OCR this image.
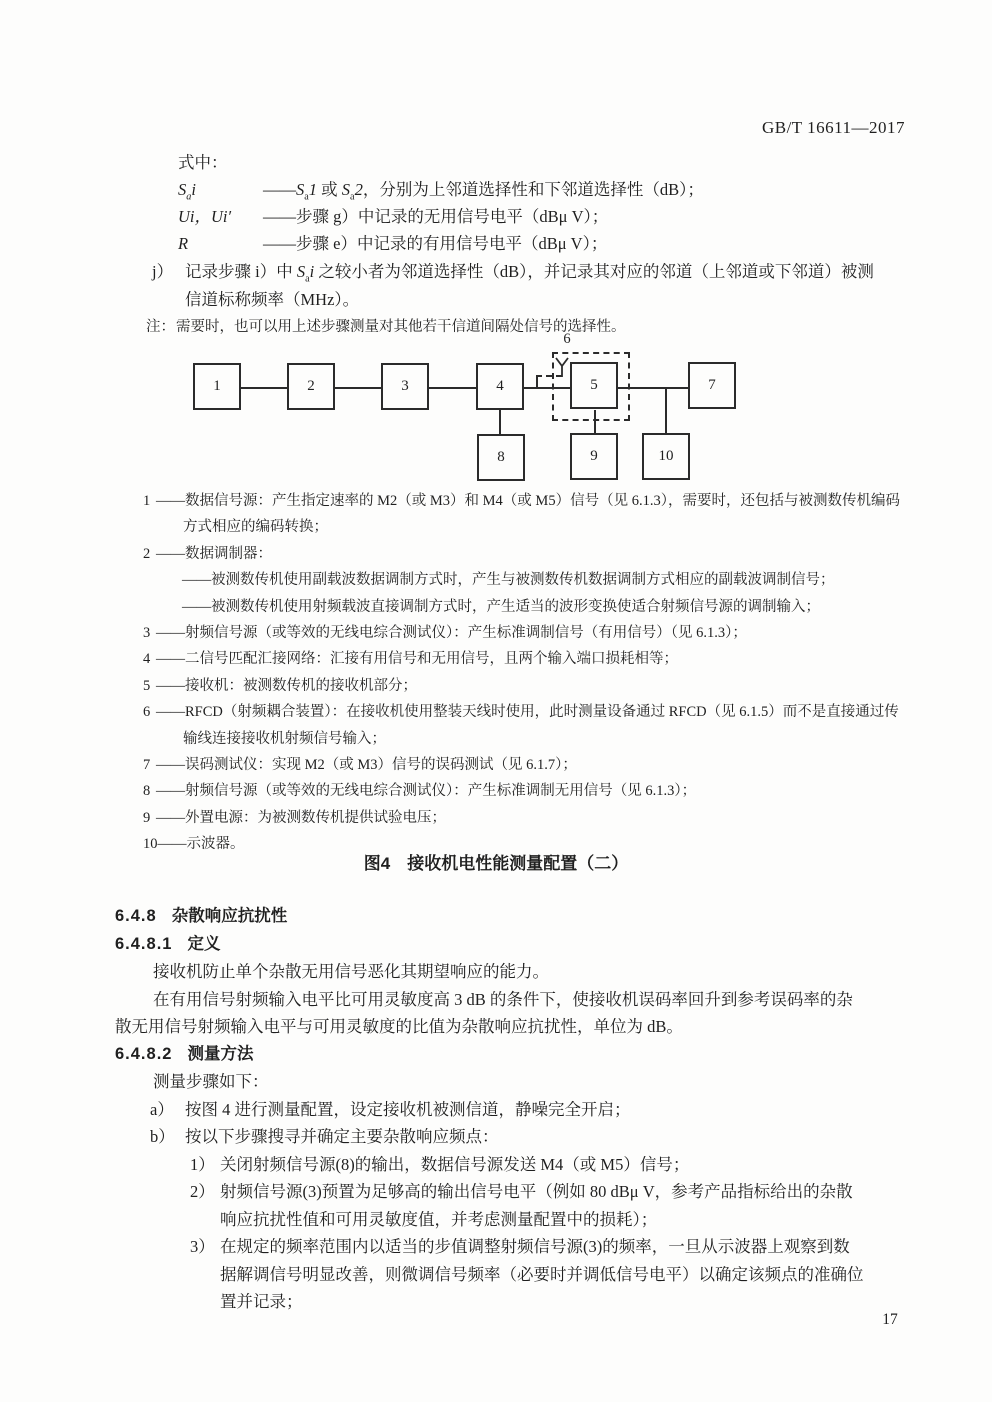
GB/T 16611—2017
式中：
$S_ai$	$——S_a1$ 或 $S_a2$，分别为上邻道选择性和下邻道选择性（dB）；
Ui，Ui′	——步骤 g）中记录的无用信号电平（dBμ V）；
R	——步骤 e）中记录的有用信号电平（dBμ V）；
j） 记录步骤 i）中 $S_ai$ 之较小者为邻道选择性（dB），并记录其对应的邻道（上邻道或下邻道）被测信道标称频率（MHz）。
注： 需要时，也可以用上述步骤测量对其他若干信道间隔处信号的选择性。
6
1	2	3	4	5	7
8	9	10
1 ——数据信号源：产生指定速率的 M2（或 M3）和 M4（或 M5）信号（见 6.1.3），需要时，还包括与被测数传机编码方式相应的编码转换；
2 ——数据调制器：
——被测数传机使用副载波数据调制方式时，产生与被测数传机数据调制方式相应的副载波调制信号；
——被测数传机使用射频载波直接调制方式时，产生适当的波形变换使适合射频信号源的调制输入；
3 ——射频信号源（或等效的无线电综合测试仪）：产生标准调制信号（有用信号）（见 6.1.3）；
4 ——二信号匹配汇接网络：汇接有用信号和无用信号，且两个输入端口损耗相等；
5 ——接收机：被测数传机的接收机部分；
6 ——RFCD（射频耦合装置）：在接收机使用整装天线时使用，此时测量设备通过 RFCD（见 6.1.5）而不是直接通过传输线连接接收机射频信号输入；
7 ——误码测试仪：实现 M2（或 M3）信号的误码测试（见 6.1.7）；
8 ——射频信号源（或等效的无线电综合测试仪）：产生标准调制无用信号（见 6.1.3）；
9 ——外置电源：为被测数传机提供试验电压；
10 ——示波器。
图4　接收机电性能测量配置（二）
6.4.8 杂散响应抗扰性
6.4.8.1 定义
接收机防止单个杂散无用信号恶化其期望响应的能力。
在有用信号射频输入电平比可用灵敏度高 3 dB 的条件下，使接收机误码率回升到参考误码率的杂散无用信号射频输入电平与可用灵敏度的比值为杂散响应抗扰性，单位为 dB。
6.4.8.2 测量方法
测量步骤如下：
a） 按图 4 进行测量配置，设定接收机被测信道，静噪完全开启；
b） 按以下步骤搜寻并确定主要杂散响应频点：
1） 关闭射频信号源(8)的输出，数据信号源发送 M4（或 M5）信号；
2） 射频信号源(3)预置为足够高的输出信号电平（例如 80 dBμ V，参考产品指标给出的杂散响应抗扰性值和可用灵敏度值，并考虑测量配置中的损耗）；
3） 在规定的频率范围内以适当的步值调整射频信号源(3)的频率，一旦从示波器上观察到数据解调信号明显改善，则微调信号频率（必要时并调低信号电平）以确定该频点的准确位置并记录；
17
